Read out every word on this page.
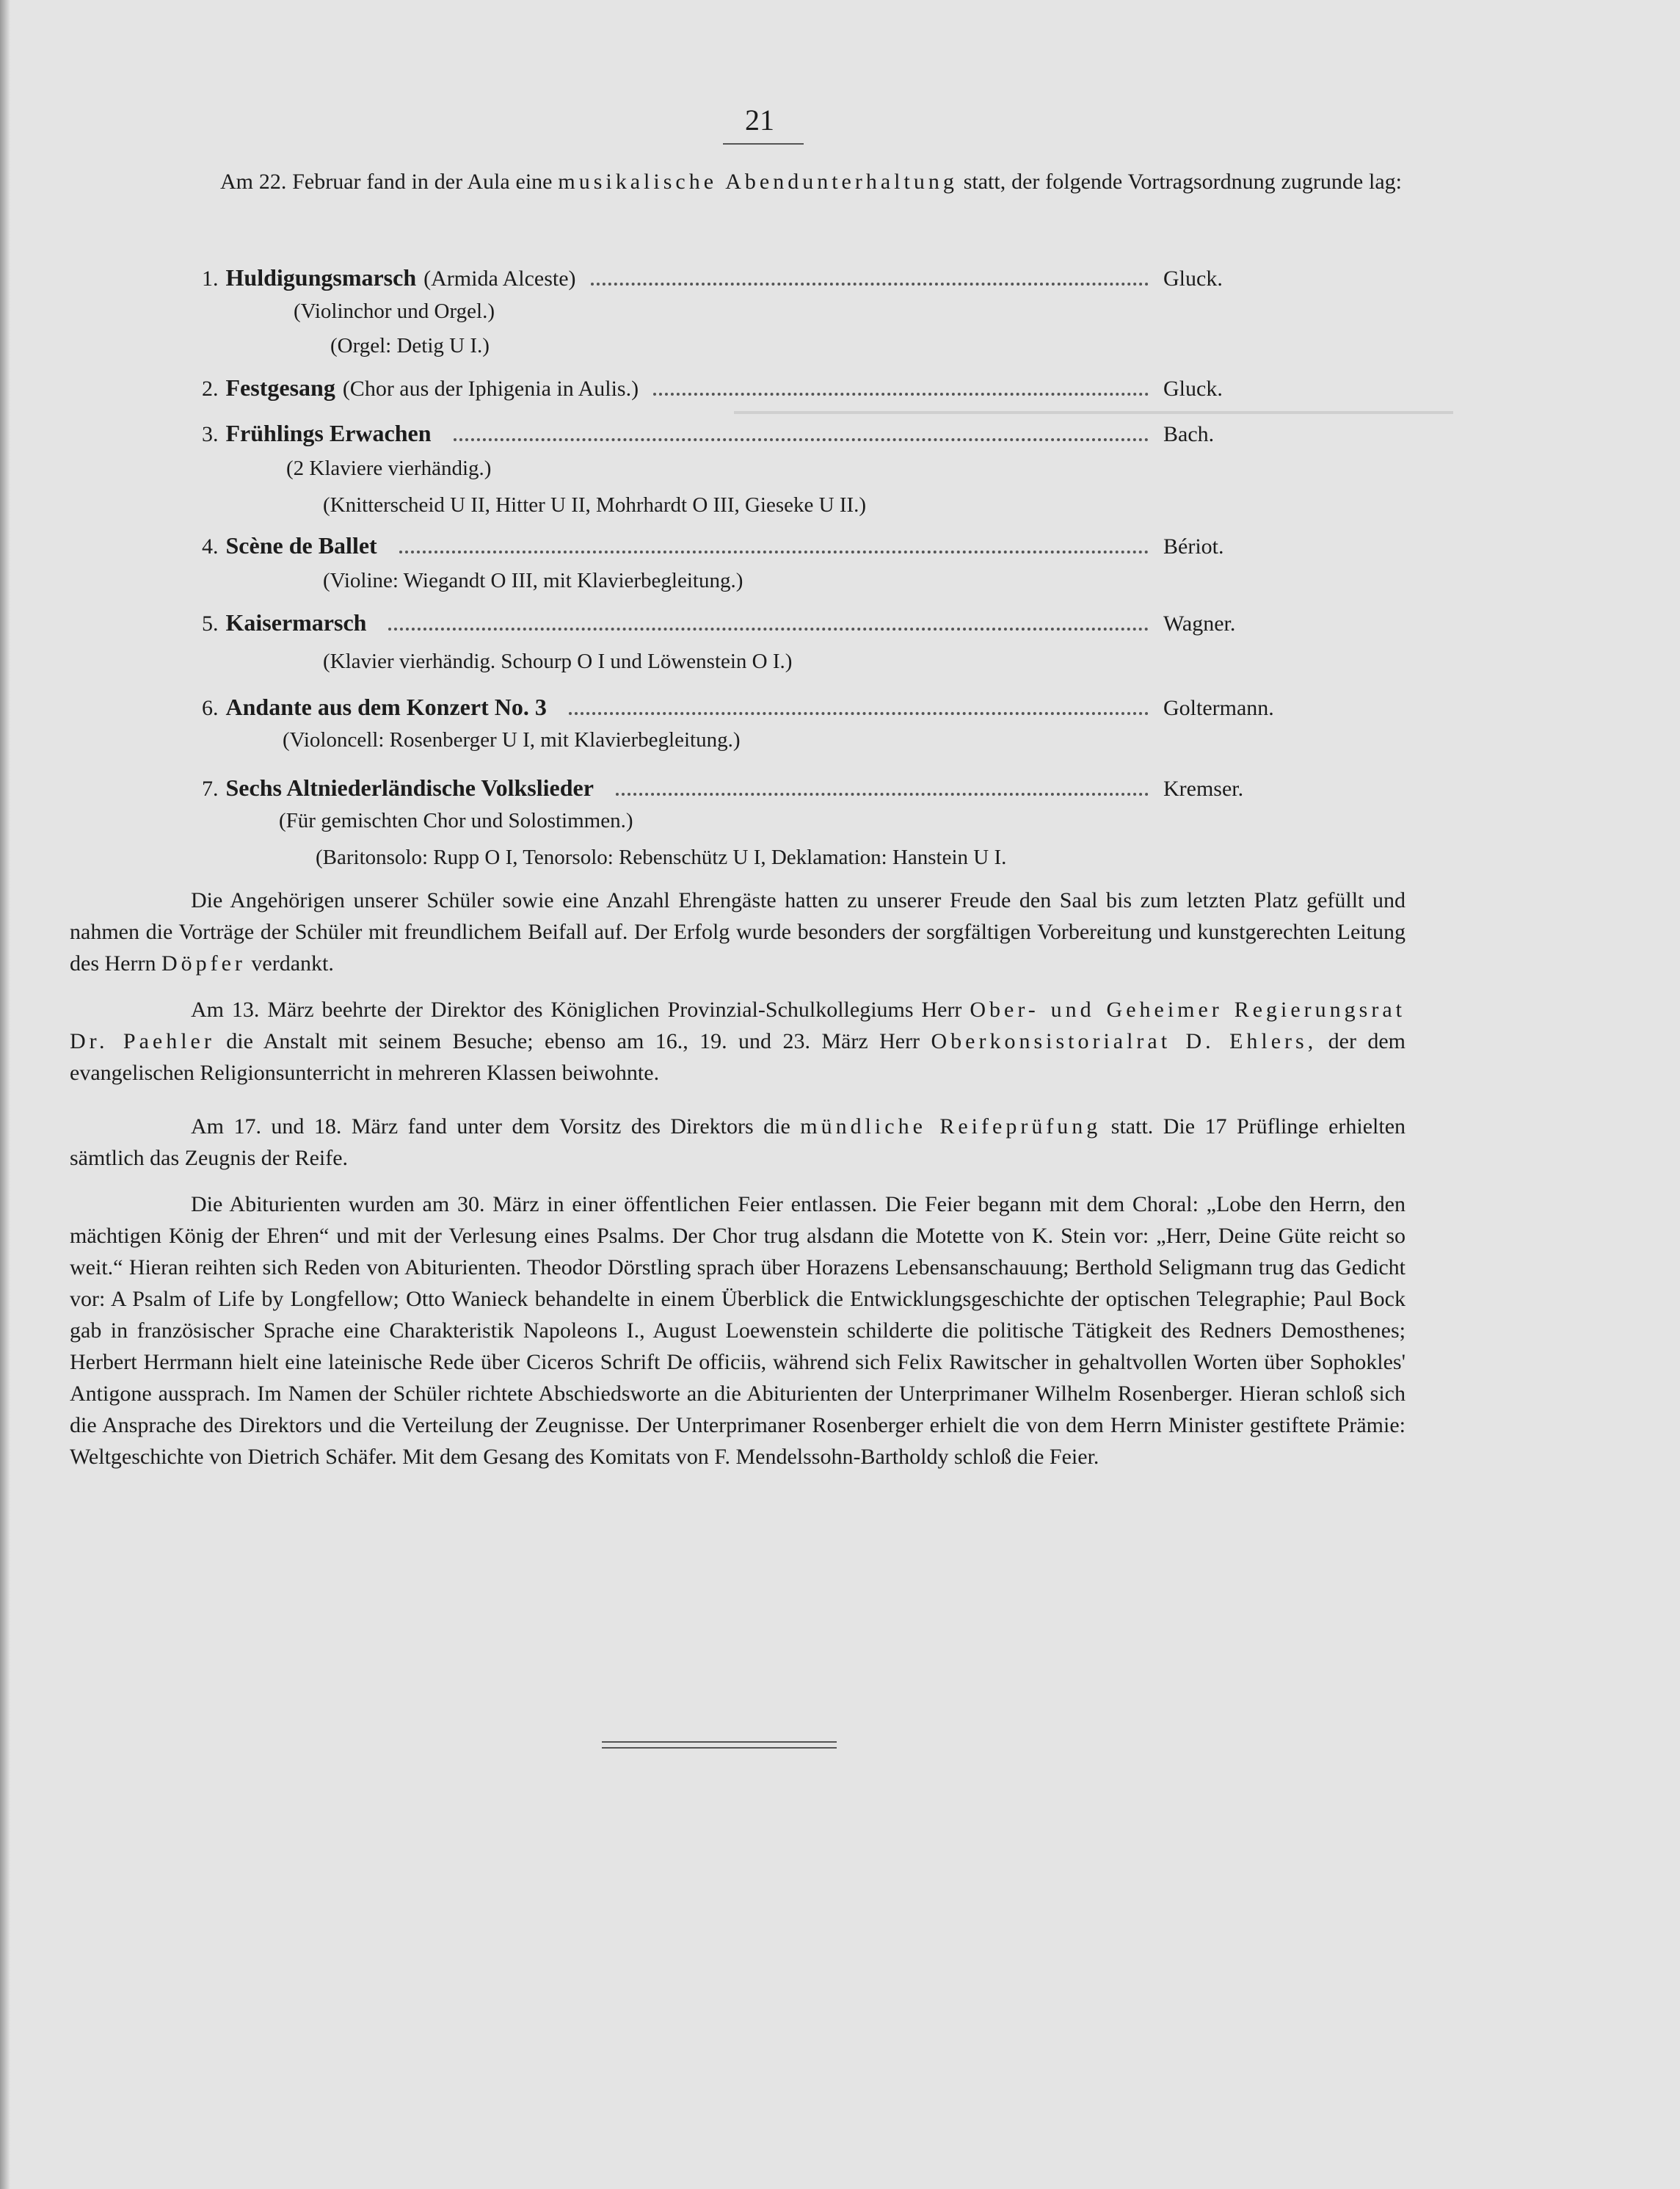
21
Am 22. Februar fand in der Aula eine musikalische Abendunterhaltung statt, der folgende Vortragsordnung zugrunde lag:
1. Huldigungsmarsch (Armida Alceste)	Gluck.
(Violinchor und Orgel.)
(Orgel: Detig U I.)
2. Festgesang (Chor aus der Iphigenia in Aulis.)	Gluck.
3. Frühlings Erwachen	Bach.
(2 Klaviere vierhändig.)
(Knitterscheid U II, Hitter U II, Mohrhardt O III, Gieseke U II.)
4. Scène de Ballet	Bériot.
(Violine: Wiegandt O III, mit Klavierbegleitung.)
5. Kaisermarsch	Wagner.
(Klavier vierhändig. Schourp O I und Löwenstein O I.)
6. Andante aus dem Konzert No. 3	Goltermann.
(Violoncell: Rosenberger U I, mit Klavierbegleitung.)
7. Sechs Altniederländische Volkslieder	Kremser.
(Für gemischten Chor und Solostimmen.)
(Baritonsolo: Rupp O I, Tenorsolo: Rebenschütz U I, Deklamation: Hanstein U I.

Die Angehörigen unserer Schüler sowie eine Anzahl Ehrengäste hatten zu unserer Freude den Saal bis zum letzten Platz gefüllt und nahmen die Vorträge der Schüler mit freundlichem Beifall auf. Der Erfolg wurde besonders der sorgfältigen Vorbereitung und kunstgerechten Leitung des Herrn Döpfer verdankt.

Am 13. März beehrte der Direktor des Königlichen Provinzial-Schulkollegiums Herr Ober- und Geheimer Regierungsrat Dr. Paehler die Anstalt mit seinem Besuche; ebenso am 16., 19. und 23. März Herr Oberkonsistorialrat D. Ehlers, der dem evangelischen Religionsunterricht in mehreren Klassen beiwohnte.

Am 17. und 18. März fand unter dem Vorsitz des Direktors die mündliche Reifeprüfung statt. Die 17 Prüflinge erhielten sämtlich das Zeugnis der Reife.

Die Abiturienten wurden am 30. März in einer öffentlichen Feier entlassen. Die Feier begann mit dem Choral: „Lobe den Herrn, den mächtigen König der Ehren“ und mit der Verlesung eines Psalms. Der Chor trug alsdann die Motette von K. Stein vor: „Herr, Deine Güte reicht so weit.“ Hieran reihten sich Reden von Abiturienten. Theodor Dörstling sprach über Horazens Lebensanschauung; Berthold Seligmann trug das Gedicht vor: A Psalm of Life by Longfellow; Otto Wanieck behandelte in einem Überblick die Entwicklungsgeschichte der optischen Telegraphie; Paul Bock gab in französischer Sprache eine Charakteristik Napoleons I., August Loewenstein schilderte die politische Tätigkeit des Redners Demosthenes; Herbert Herrmann hielt eine lateinische Rede über Ciceros Schrift De officiis, während sich Felix Rawitscher in gehaltvollen Worten über Sophokles' Antigone aussprach. Im Namen der Schüler richtete Abschiedsworte an die Abiturienten der Unterprimaner Wilhelm Rosenberger. Hieran schloß sich die Ansprache des Direktors und die Verteilung der Zeugnisse. Der Unterprimaner Rosenberger erhielt die von dem Herrn Minister gestiftete Prämie: Weltgeschichte von Dietrich Schäfer. Mit dem Gesang des Komitats von F. Mendelssohn-Bartholdy schloß die Feier.
